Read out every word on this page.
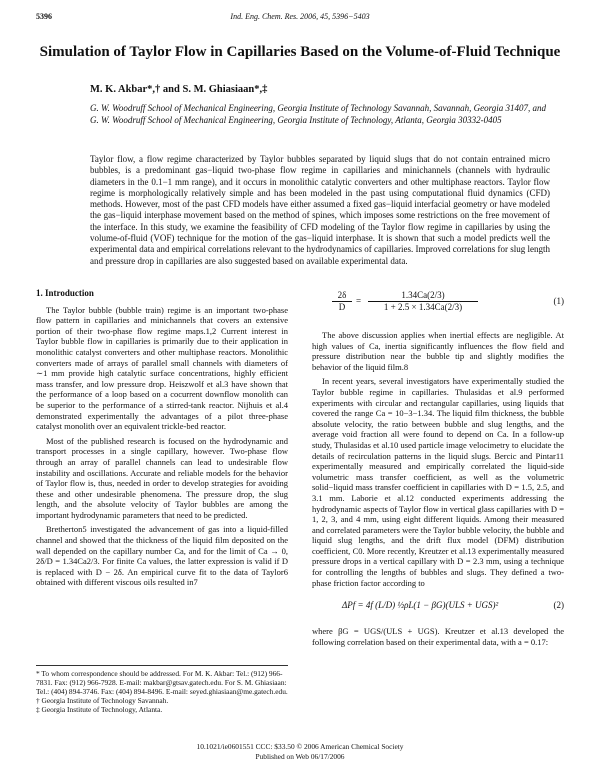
5396	Ind. Eng. Chem. Res. 2006, 45, 5396−5403
Simulation of Taylor Flow in Capillaries Based on the Volume-of-Fluid Technique
M. K. Akbar*,† and S. M. Ghiasiaan*,‡
G. W. Woodruff School of Mechanical Engineering, Georgia Institute of Technology Savannah, Savannah, Georgia 31407, and G. W. Woodruff School of Mechanical Engineering, Georgia Institute of Technology, Atlanta, Georgia 30332-0405
Taylor flow, a flow regime characterized by Taylor bubbles separated by liquid slugs that do not contain entrained micro bubbles, is a predominant gas−liquid two-phase flow regime in capillaries and minichannels (channels with hydraulic diameters in the 0.1−1 mm range), and it occurs in monolithic catalytic converters and other multiphase reactors. Taylor flow regime is morphologically relatively simple and has been modeled in the past using computational fluid dynamics (CFD) methods. However, most of the past CFD models have either assumed a fixed gas−liquid interfacial geometry or have modeled the gas−liquid interphase movement based on the method of spines, which imposes some restrictions on the free movement of the interface. In this study, we examine the feasibility of CFD modeling of the Taylor flow regime in capillaries by using the volume-of-fluid (VOF) technique for the motion of the gas−liquid interphase. It is shown that such a model predicts well the experimental data and empirical correlations relevant to the hydrodynamics of capillaries. Improved correlations for slug length and pressure drop in capillaries are also suggested based on available experimental data.
1. Introduction

The Taylor bubble (bubble train) regime is an important two-phase flow pattern in capillaries and minichannels that covers an extensive portion of their two-phase flow regime maps.1,2 Current interest in Taylor bubble flow in capillaries is primarily due to their application in monolithic catalyst converters and other multiphase reactors. Monolithic converters made of arrays of parallel small channels with diameters of ∼1 mm provide high catalytic surface concentrations, highly efficient mass transfer, and low pressure drop. Heiszwolf et al.3 have shown that the performance of a loop based on a cocurrent downflow monolith can be superior to the performance of a stirred-tank reactor. Nijhuis et al.4 demonstrated experimentally the advantages of a pilot three-phase catalyst monolith over an equivalent trickle-bed reactor.

Most of the published research is focused on the hydrodynamic and transport processes in a single capillary, however. Two-phase flow through an array of parallel channels can lead to undesirable flow instability and oscillations. Accurate and reliable models for the behavior of Taylor flow is, thus, needed in order to develop strategies for avoiding these and other undesirable phenomena. The pressure drop, the slug length, and the absolute velocity of Taylor bubbles are among the important hydrodynamic parameters that need to be predicted.

Bretherton5 investigated the advancement of gas into a liquid-filled channel and showed that the thickness of the liquid film deposited on the wall depended on the capillary number Ca, and for the limit of Ca → 0, 2δ/D = 1.34Ca2/3. For finite Ca values, the latter expression is valid if D is replaced with D − 2δ. An empirical curve fit to the data of Taylor6 obtained with different viscous oils resulted in7

$\frac{2\delta}{D} = \frac{1.34Ca(2/3)}{1 + 2.5 \times 1.34Ca(2/3)}$	(1)

The above discussion applies when inertial effects are negligible. At high values of Ca, inertia significantly influences the flow field and pressure distribution near the bubble tip and slightly modifies the behavior of the liquid film.8

In recent years, several investigators have experimentally studied the Taylor bubble regime in capillaries. Thulasidas et al.9 performed experiments with circular and rectangular capillaries, using liquids that covered the range Ca = 10−3−1.34. The liquid film thickness, the bubble absolute velocity, the ratio between bubble and slug lengths, and the average void fraction all were found to depend on Ca. In a follow-up study, Thulasidas et al.10 used particle image velocimetry to elucidate the details of recirculation patterns in the liquid slugs. Bercic and Pintar11 experimentally measured and empirically correlated the liquid-side volumetric mass transfer coefficient, as well as the volumetric solid−liquid mass transfer coefficient in capillaries with D = 1.5, 2.5, and 3.1 mm. Laborie et al.12 conducted experiments addressing the hydrodynamic aspects of Taylor flow in vertical glass capillaries with D = 1, 2, 3, and 4 mm, using eight different liquids. Among their measured and correlated parameters were the Taylor bubble velocity, the bubble and liquid slug lengths, and the drift flux model (DFM) distribution coefficient, C0. More recently, Kreutzer et al.13 experimentally measured pressure drops in a vertical capillary with D = 2.3 mm, using a technique for controlling the lengths of bubbles and slugs. They defined a two-phase friction factor according to

ΔPf = 4f (L/D) ½ρL(1 − βG)(ULS + UGS)²	(2)

where βG = UGS/(ULS + UGS). Kreutzer et al.13 developed the following correlation based on their experimental data, with a = 0.17:

* To whom correspondence should be addressed. For M. K. Akbar: Tel.: (912) 966-7831. Fax: (912) 966-7928. E-mail: makbar@gtsav.gatech.edu. For S. M. Ghiasiaan: Tel.: (404) 894-3746. Fax: (404) 894-8496. E-mail: seyed.ghiasiaan@me.gatech.edu.
† Georgia Institute of Technology Savannah.
‡ Georgia Institute of Technology, Atlanta.
10.1021/ie0601551 CCC: $33.50 © 2006 American Chemical Society
Published on Web 06/17/2006
